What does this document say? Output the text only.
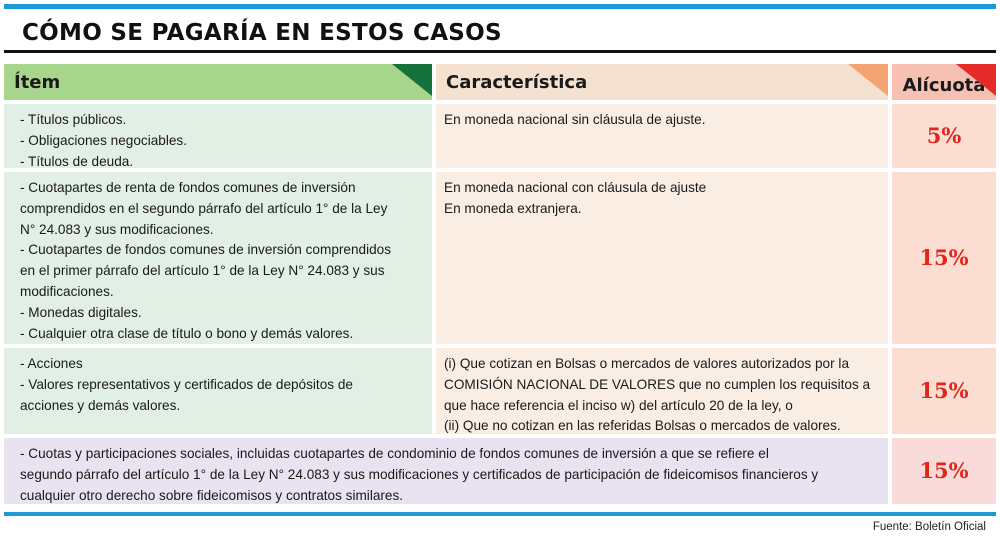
CÓMO SE PAGARÍA EN ESTOS CASOS
Ítem	Característica	Alícuota
- Títulos públicos.
- Obligaciones negociables.
- Títulos de deuda.
En moneda nacional sin cláusula de ajuste.
5%
- Cuotapartes de renta de fondos comunes de inversión
comprendidos en el segundo párrafo del artículo 1° de la Ley
N° 24.083 y sus modificaciones.
- Cuotapartes de fondos comunes de inversión comprendidos
en el primer párrafo del artículo 1° de la Ley N° 24.083 y sus
modificaciones.
- Monedas digitales.
- Cualquier otra clase de título o bono y demás valores.
En moneda nacional con cláusula de ajuste
En moneda extranjera.
15%
- Acciones
- Valores representativos y certificados de depósitos de
acciones y demás valores.
(i) Que cotizan en Bolsas o mercados de valores autorizados por la
COMISIÓN NACIONAL DE VALORES que no cumplen los requisitos a
que hace referencia el inciso w) del artículo 20 de la ley, o
(ii) Que no cotizan en las referidas Bolsas o mercados de valores.
15%
- Cuotas y participaciones sociales, incluidas cuotapartes de condominio de fondos comunes de inversión a que se refiere el
segundo párrafo del artículo 1° de la Ley N° 24.083 y sus modificaciones y certificados de participación de fideicomisos financieros y
cualquier otro derecho sobre fideicomisos y contratos similares.
15%
Fuente: Boletín Oficial
